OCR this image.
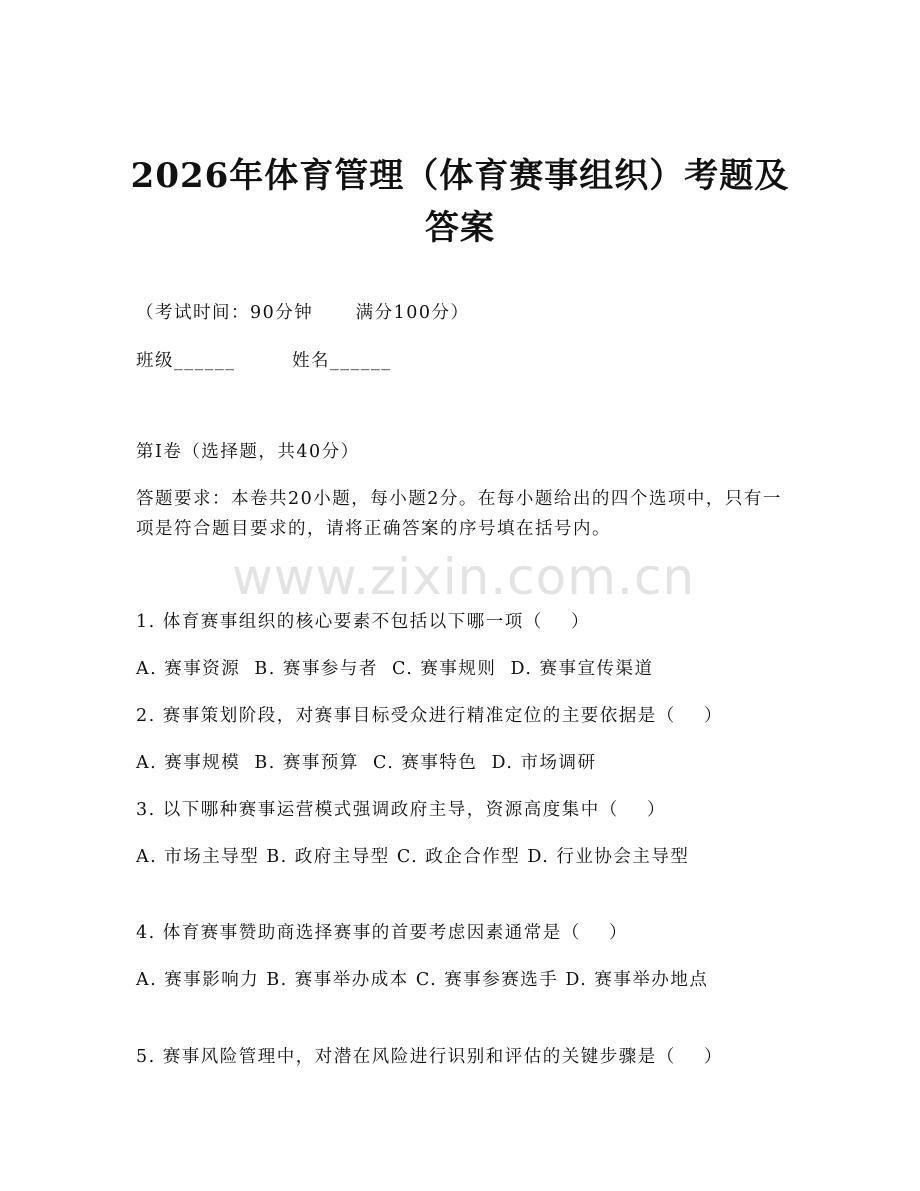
www.zixin.com.cn
2026年体育管理（体育赛事组织）考题及答案
（考试时间：90分钟      满分100分）
班级______        姓名______
第I卷（选择题，共40分）
答题要求：本卷共20小题，每小题2分。在每小题给出的四个选项中，只有一项是符合题目要求的，请将正确答案的序号填在括号内。
1. 体育赛事组织的核心要素不包括以下哪一项（    ）
A. 赛事资源  B. 赛事参与者  C. 赛事规则  D. 赛事宣传渠道
2. 赛事策划阶段，对赛事目标受众进行精准定位的主要依据是（    ）
A. 赛事规模  B. 赛事预算  C. 赛事特色  D. 市场调研
3. 以下哪种赛事运营模式强调政府主导，资源高度集中（    ）
A. 市场主导型 B. 政府主导型 C. 政企合作型 D. 行业协会主导型
4. 体育赛事赞助商选择赛事的首要考虑因素通常是（    ）
A. 赛事影响力 B. 赛事举办成本 C. 赛事参赛选手 D. 赛事举办地点
5. 赛事风险管理中，对潜在风险进行识别和评估的关键步骤是（    ）
